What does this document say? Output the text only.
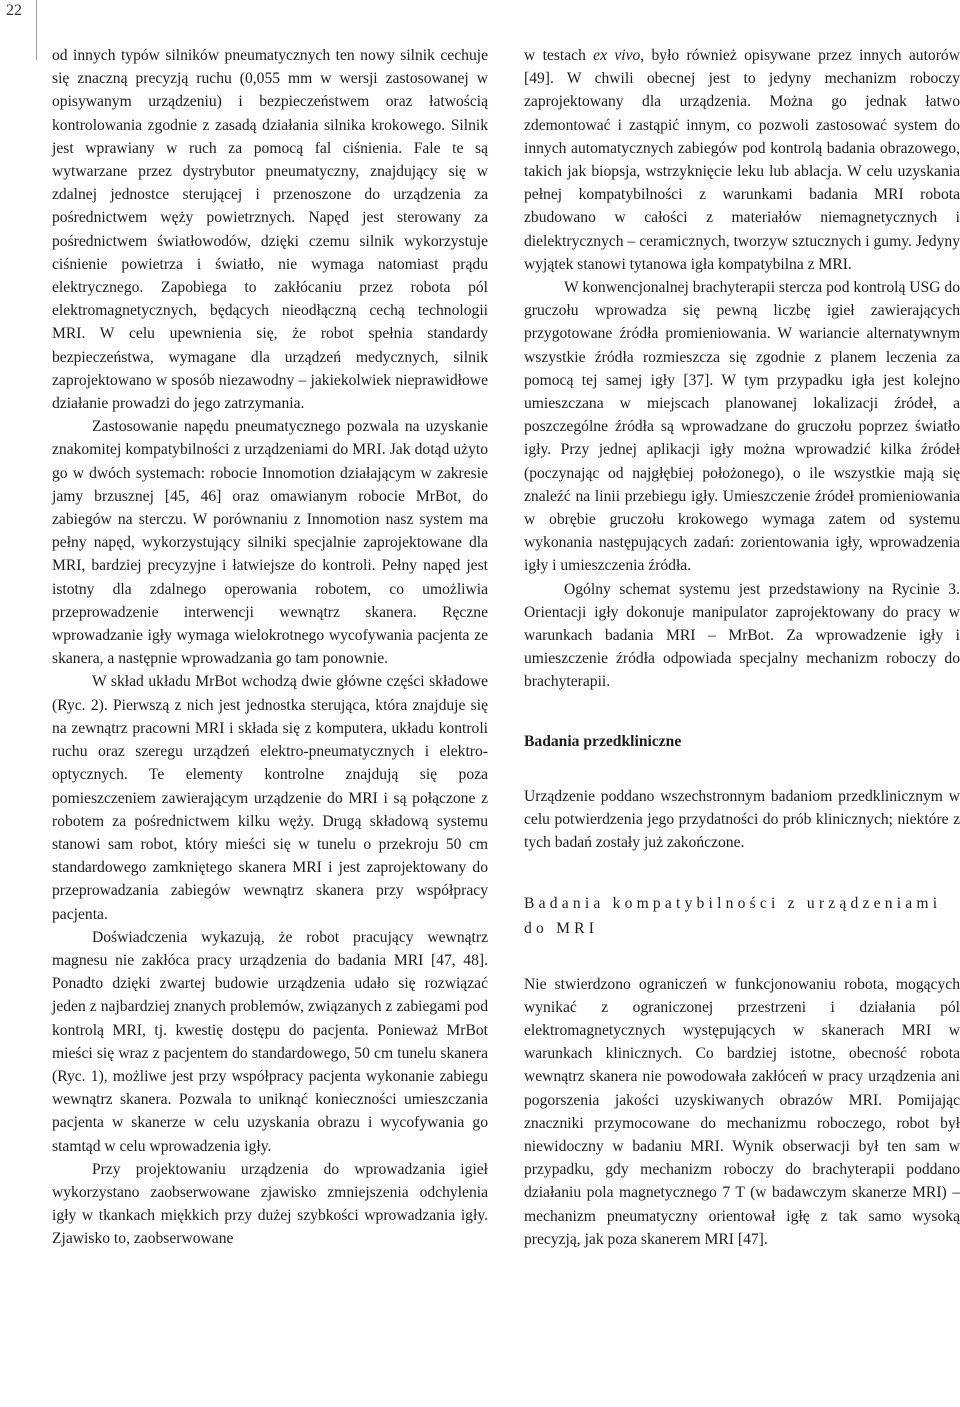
22

od innych typów silników pneumatycznych ten nowy silnik cechuje się znaczną precyzją ruchu (0,055 mm w wersji zastosowanej w opisywanym urządzeniu) i bezpieczeństwem oraz łatwością kontrolowania zgodnie z zasadą działania silnika krokowego. Silnik jest wprawiany w ruch za pomocą fal ciśnienia. Fale te są wytwarzane przez dystrybutor pneumatyczny, znajdujący się w zdalnej jednostce sterującej i przenoszone do urządzenia za pośrednictwem węży powietrznych. Napęd jest sterowany za pośrednictwem światłowodów, dzięki czemu silnik wykorzystuje ciśnienie powietrza i światło, nie wymaga natomiast prądu elektrycznego. Zapobiega to zakłócaniu przez robota pól elektromagnetycznych, będących nieodłączną cechą technologii MRI. W celu upewnienia się, że robot spełnia standardy bezpieczeństwa, wymagane dla urządzeń medycznych, silnik zaprojektowano w sposób niezawodny – jakiekolwiek nieprawidłowe działanie prowadzi do jego zatrzymania.

Zastosowanie napędu pneumatycznego pozwala na uzyskanie znakomitej kompatybilności z urządzeniami do MRI. Jak dotąd użyto go w dwóch systemach: robocie Innomotion działającym w zakresie jamy brzusznej [45, 46] oraz omawianym robocie MrBot, do zabiegów na sterczu. W porównaniu z Innomotion nasz system ma pełny napęd, wykorzystujący silniki specjalnie zaprojektowane dla MRI, bardziej precyzyjne i łatwiejsze do kontroli. Pełny napęd jest istotny dla zdalnego operowania robotem, co umożliwia przeprowadzenie interwencji wewnątrz skanera. Ręczne wprowadzanie igły wymaga wielokrotnego wycofywania pacjenta ze skanera, a następnie wprowadzania go tam ponownie.

W skład układu MrBot wchodzą dwie główne części składowe (Ryc. 2). Pierwszą z nich jest jednostka sterująca, która znajduje się na zewnątrz pracowni MRI i składa się z komputera, układu kontroli ruchu oraz szeregu urządzeń elektro-pneumatycznych i elektro-optycznych. Te elementy kontrolne znajdują się poza pomieszczeniem zawierającym urządzenie do MRI i są połączone z robotem za pośrednictwem kilku węży. Drugą składową systemu stanowi sam robot, który mieści się w tunelu o przekroju 50 cm standardowego zamkniętego skanera MRI i jest zaprojektowany do przeprowadzania zabiegów wewnątrz skanera przy współpracy pacjenta.

Doświadczenia wykazują, że robot pracujący wewnątrz magnesu nie zakłóca pracy urządzenia do badania MRI [47, 48]. Ponadto dzięki zwartej budowie urządzenia udało się rozwiązać jeden z najbardziej znanych problemów, związanych z zabiegami pod kontrolą MRI, tj. kwestię dostępu do pacjenta. Ponieważ MrBot mieści się wraz z pacjentem do standardowego, 50 cm tunelu skanera (Ryc. 1), możliwe jest przy współpracy pacjenta wykonanie zabiegu wewnątrz skanera. Pozwala to uniknąć konieczności umieszczania pacjenta w skanerze w celu uzyskania obrazu i wycofywania go stamtąd w celu wprowadzenia igły.

Przy projektowaniu urządzenia do wprowadzania igieł wykorzystano zaobserwowane zjawisko zmniejszenia odchylenia igły w tkankach miękkich przy dużej szybkości wprowadzania igły. Zjawisko to, zaobserwowane

w testach ex vivo, było również opisywane przez innych autorów [49]. W chwili obecnej jest to jedyny mechanizm roboczy zaprojektowany dla urządzenia. Można go jednak łatwo zdemontować i zastąpić innym, co pozwoli zastosować system do innych automatycznych zabiegów pod kontrolą badania obrazowego, takich jak biopsja, wstrzyknięcie leku lub ablacja. W celu uzyskania pełnej kompatybilności z warunkami badania MRI robota zbudowano w całości z materiałów niemagnetycznych i dielektrycznych – ceramicznych, tworzyw sztucznych i gumy. Jedyny wyjątek stanowi tytanowa igła kompatybilna z MRI.

W konwencjonalnej brachyterapii stercza pod kontrolą USG do gruczołu wprowadza się pewną liczbę igieł zawierających przygotowane źródła promieniowania. W wariancie alternatywnym wszystkie źródła rozmieszcza się zgodnie z planem leczenia za pomocą tej samej igły [37]. W tym przypadku igła jest kolejno umieszczana w miejscach planowanej lokalizacji źródeł, a poszczególne źródła są wprowadzane do gruczołu poprzez światło igły. Przy jednej aplikacji igły można wprowadzić kilka źródeł (poczynając od najgłębiej położonego), o ile wszystkie mają się znaleźć na linii przebiegu igły. Umieszczenie źródeł promieniowania w obrębie gruczołu krokowego wymaga zatem od systemu wykonania następujących zadań: zorientowania igły, wprowadzenia igły i umieszczenia źródła.

Ogólny schemat systemu jest przedstawiony na Rycinie 3. Orientacji igły dokonuje manipulator zaprojektowany do pracy w warunkach badania MRI – MrBot. Za wprowadzenie igły i umieszczenie źródła odpowiada specjalny mechanizm roboczy do brachyterapii.

Badania przedkliniczne

Urządzenie poddano wszechstronnym badaniom przedklinicznym w celu potwierdzenia jego przydatności do prób klinicznych; niektóre z tych badań zostały już zakończone.

Badania kompatybilności z urządzeniami do MRI

Nie stwierdzono ograniczeń w funkcjonowaniu robota, mogących wynikać z ograniczonej przestrzeni i działania pól elektromagnetycznych występujących w skanerach MRI w warunkach klinicznych. Co bardziej istotne, obecność robota wewnątrz skanera nie powodowała zakłóceń w pracy urządzenia ani pogorszenia jakości uzyskiwanych obrazów MRI. Pomijając znaczniki przymocowane do mechanizmu roboczego, robot był niewidoczny w badaniu MRI. Wynik obserwacji był ten sam w przypadku, gdy mechanizm roboczy do brachyterapii poddano działaniu pola magnetycznego 7 T (w badawczym skanerze MRI) – mechanizm pneumatyczny orientował igłę z tak samo wysoką precyzją, jak poza skanerem MRI [47].
